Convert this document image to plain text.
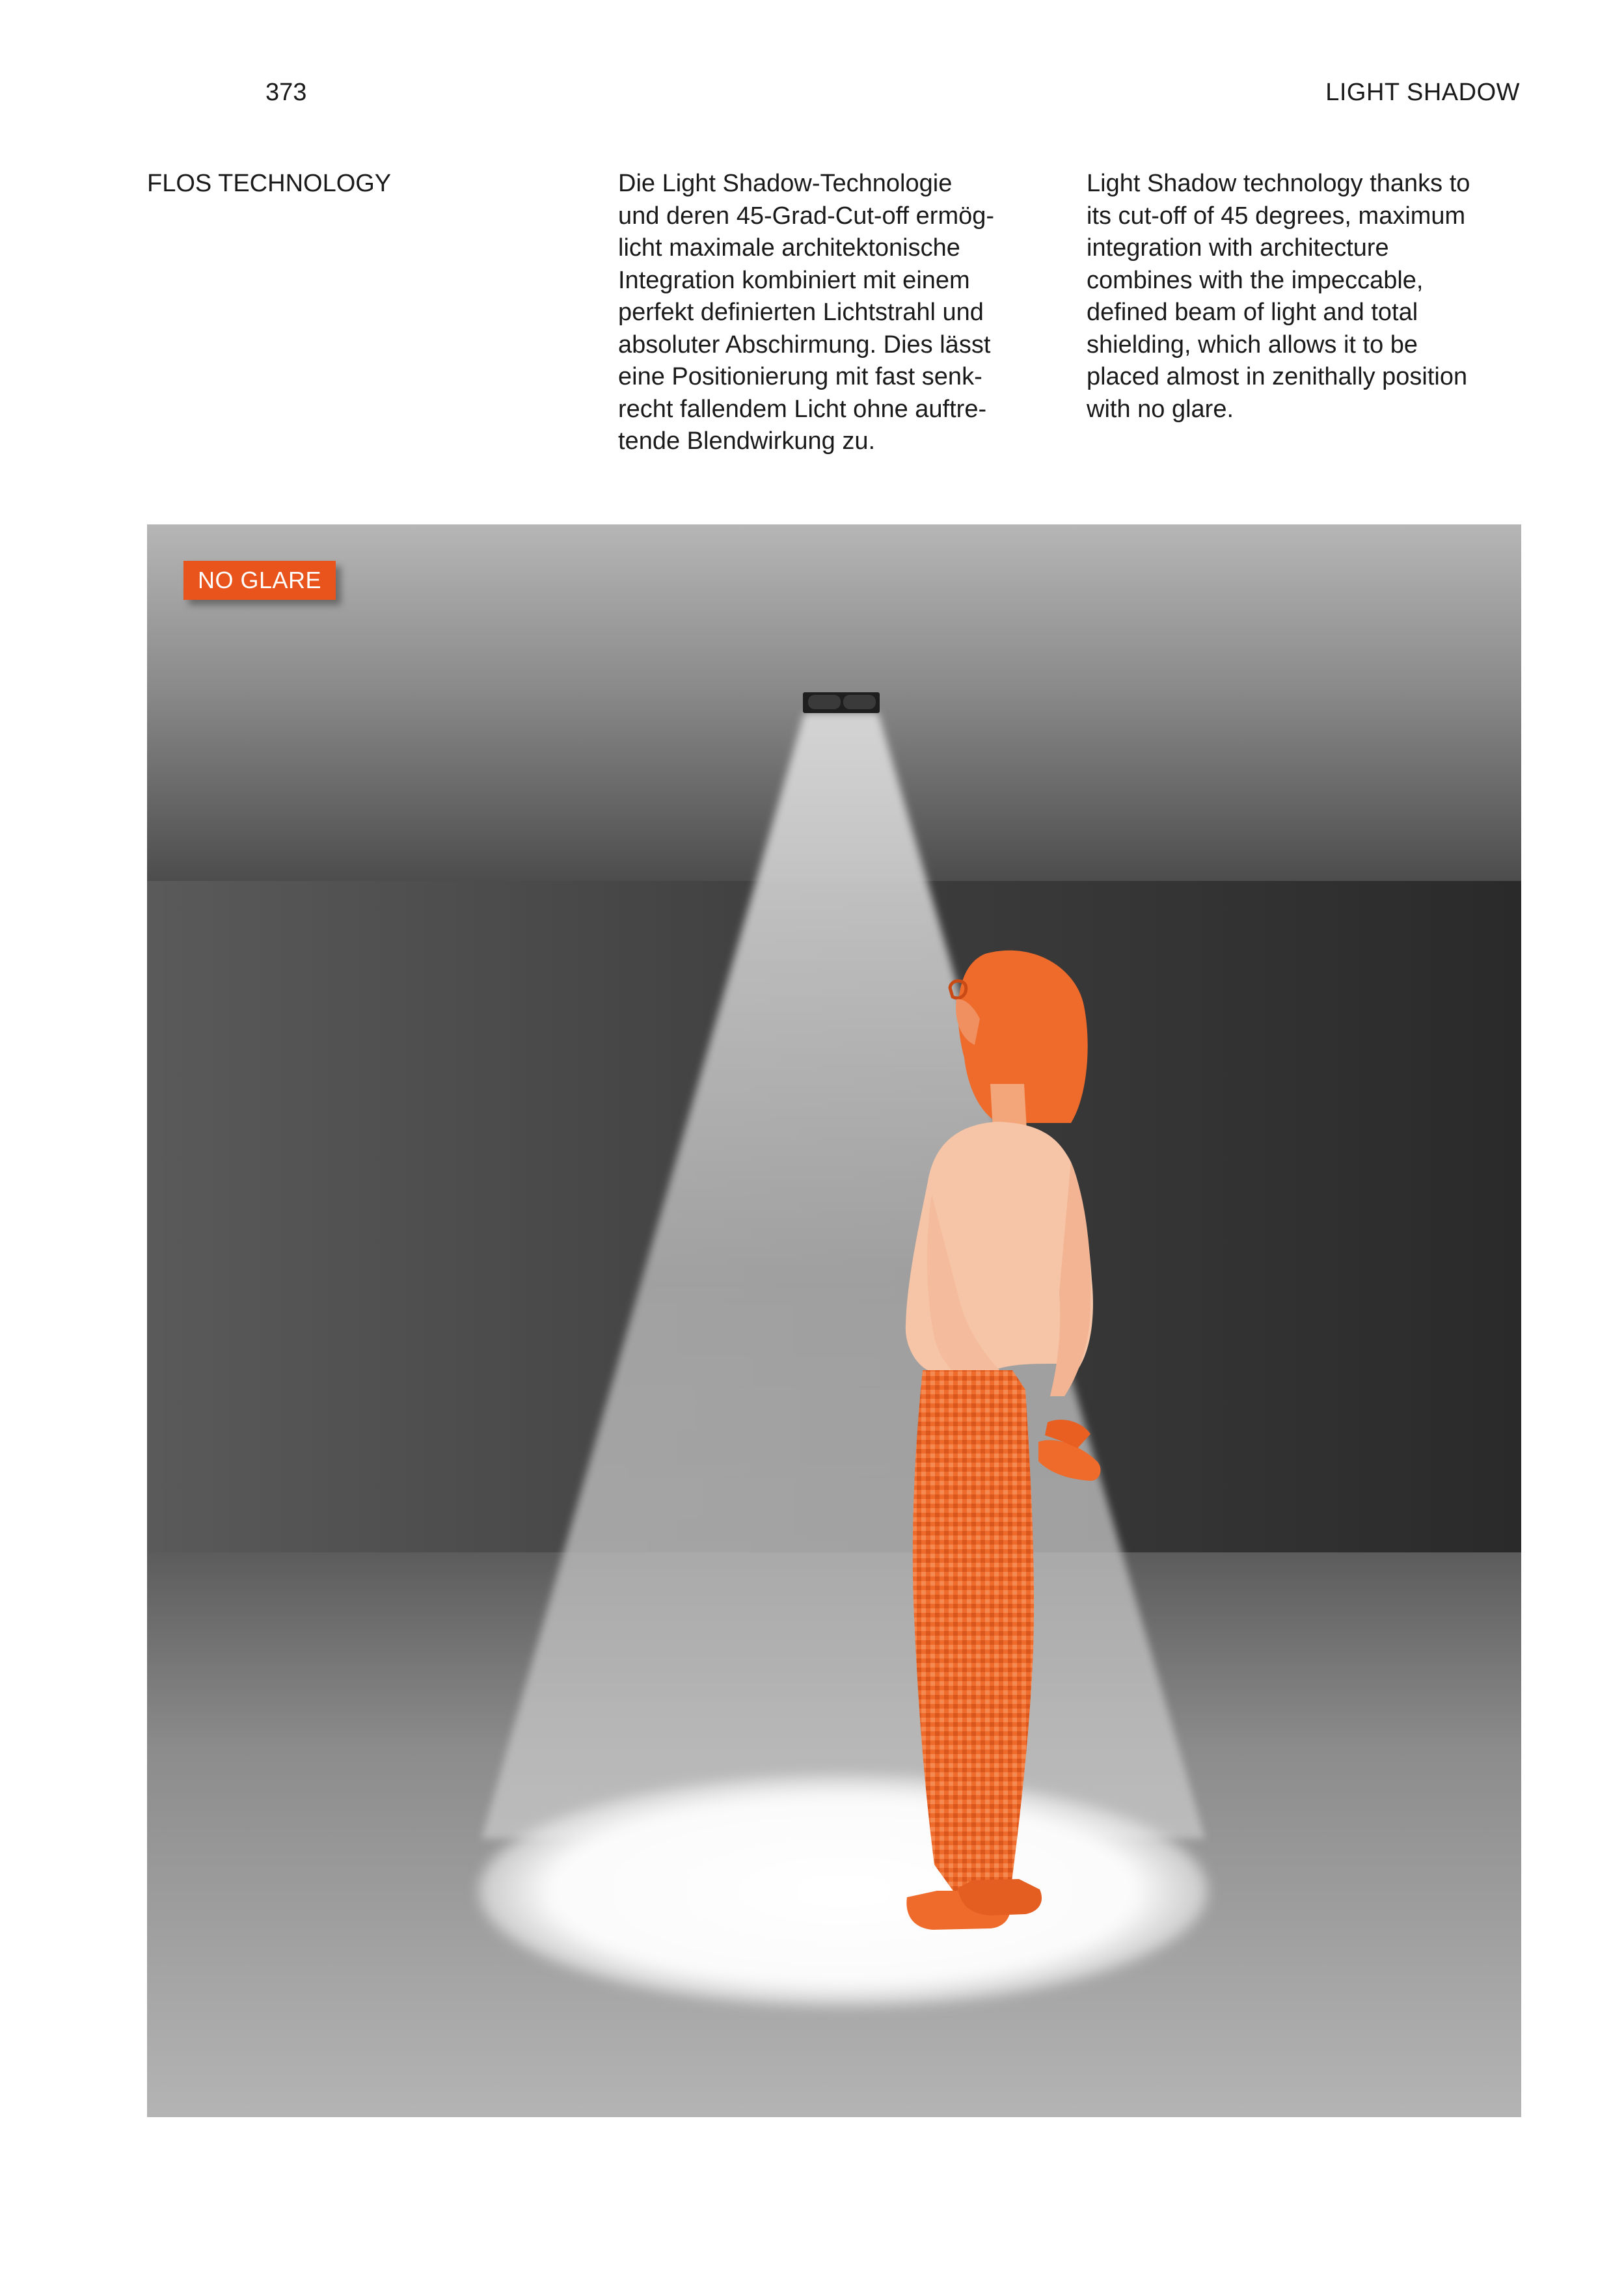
373	LIGHT SHADOW
FLOS TECHNOLOGY	Die Light Shadow-Technologie
und deren 45-Grad-Cut-off ermög-
licht maximale architektonische
Integration kombiniert mit einem
perfekt definierten Lichtstrahl und
absoluter Abschirmung. Dies lässt
eine Positionierung mit fast senk-
recht fallendem Licht ohne auftre-
tende Blendwirkung zu.

Light Shadow technology thanks to
its cut-off of 45 degrees, maximum
integration with architecture
combines with the impeccable,
defined beam of light and total
shielding, which allows it to be
placed almost in zenithally position
with no glare.

NO GLARE
